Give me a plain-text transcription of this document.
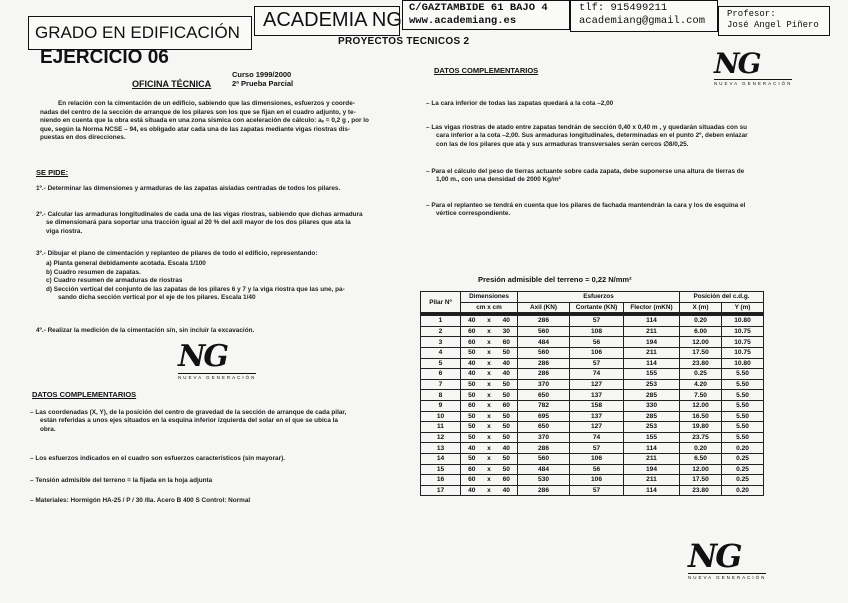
GRADO EN EDIFICACIÓN
ACADEMIA NG
C/GAZTAMBIDE 61 BAJO 4
www.academiang.es
tlf: 915499211
academiang@gmail.com
Profesor:
José Angel Piñero
PROYECTOS TECNICOS 2
EJERCICIO 06
OFICINA TÉCNICA
Curso 1999/2000
2ª Prueba Parcial
En relación con la cimentación de un edificio, sabiendo que las dimensiones, esfuerzos y coorde-
nadas del centro de la sección de arranque de los pilares son los que se fijan en el cuadro adjunto, y te-
niendo en cuenta que la obra está situada en una zona sísmica con aceleración de cálculo: aₑ = 0,2 g , por lo
que, según la Norma NCSE – 94, es obligado atar cada una de las zapatas mediante vigas riostras dis-
puestas en dos direcciones.
SE PIDE:
1º.- Determinar las dimensiones y armaduras de las zapatas aisladas centradas de todos los pilares.
2º.- Calcular las armaduras longitudinales de cada una de las vigas riostras, sabiendo que dichas armadura
se dimensionará para soportar una tracción igual al 20 % del axil mayor de los dos pilares que ata la
viga riostra.
3º.- Dibujar el plano de cimentación y replanteo de pilares de todo el edificio, representando:
a) Planta general debidamente acotada. Escala 1/100
b) Cuadro resumen de zapatas.
c) Cuadro resumen de armaduras de riostras
d) Sección vertical del conjunto de las zapatas de los pilares 6 y 7 y la viga riostra que las une, pa-
sando dicha sección vertical por el eje de los pilares. Escala 1/40
4º.- Realizar la medición de la cimentación s/n, sin incluir la excavación.
NG
NUEVA GENERACIÓN
DATOS COMPLEMENTARIOS
– Las coordenadas (X, Y), de la posición del centro de gravedad de la sección de arranque de cada pilar,
están referidas a unos ejes situados en la esquina inferior izquierda del solar en el que se ubica la
obra.
– Los esfuerzos indicados en el cuadro son esfuerzos característicos (sin mayorar).
– Tensión admisible del terreno = la fijada en la hoja adjunta
– Materiales: Hormigón HA-25 / P / 30 /IIa. Acero B 400 S Control: Normal
DATOS COMPLEMENTARIOS	NG
NUEVA GENERACIÓN
– La cara inferior de todas las zapatas quedará a la cota –2,00
– Las vigas riostras de atado entre zapatas tendrán de sección 0,40 x 0,40 m , y quedarán situadas con su
cara inferior a la cota –2,00. Sus armaduras longitudinales, determinadas en el punto 2º, deben enlazar
con las de los pilares que ata y sus armaduras transversales serán cercos ∅8/0,25.
– Para el cálculo del peso de tierras actuante sobre cada zapata, debe suponerse una altura de tierras de
1,00 m., con una densidad de 2000 Kg/m³
– Para el replanteo se tendrá en cuenta que los pilares de fachada mantendrán la cara y los de esquina el
vértice correspondiente.
Presión admisible del terreno = 0,22 N/mm²
Pilar Nº	Dimensiones			Esfuerzos			Posición del c.d.g.	
	cm x cm			Axil (KN)	Cortante (KN)	Flector (mKN)	X (m)	Y (m)

1	40	x	40	286	57	114	0.20	10.80
2	60	x	30	560	108	211	6.00	10.75
3	60	x	60	484	56	194	12.00	10.75
4	50	x	50	560	106	211	17.50	10.75
5	40	x	40	286	57	114	23.80	10.80
6	40	x	40	286	74	155	0.25	5.50
7	50	x	50	370	127	253	4.20	5.50
8	50	x	50	650	137	285	7.50	5.50
9	60	x	60	782	158	330	12.00	5.50
10	50	x	50	695	137	285	16.50	5.50
11	50	x	50	650	127	253	19.80	5.50
12	50	x	50	370	74	155	23.75	5.50
13	40	x	40	286	57	114	0.20	0.20
14	50	x	50	560	106	211	6.50	0.25
15	60	x	50	484	56	194	12.00	0.25
16	60	x	60	530	106	211	17.50	0.25
17	40	x	40	286	57	114	23.80	0.20
NG
NUEVA GENERACIÓN
